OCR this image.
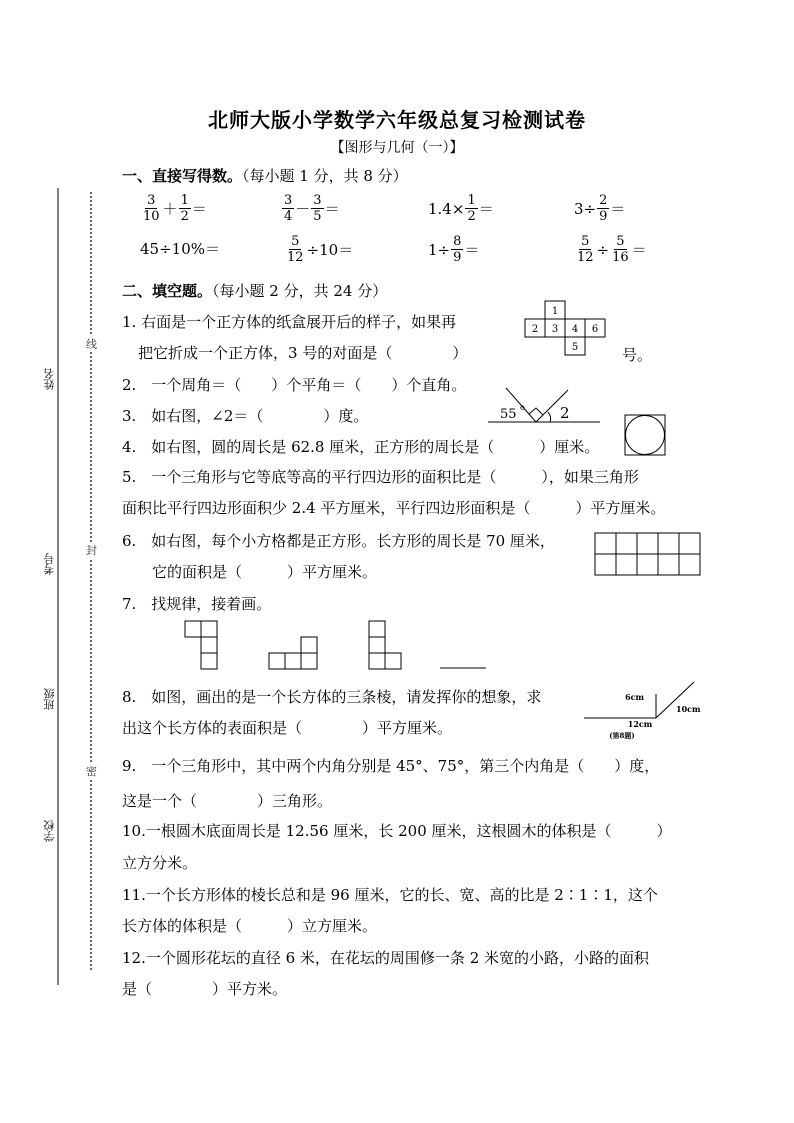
姓名
考号
班级
学校
线
封
密
北师大版小学数学六年级总复习检测试卷
【图形与几何（一）】
一、直接写得数。（每小题 1 分，共 8 分）
$\frac{3}{10} + \frac{1}{2}$ ＝	$\frac{3}{4} - \frac{3}{5}$ ＝	$1.4\times \frac{1}{2}$ ＝	$3\div \frac{2}{9}$ ＝
45÷10%＝	$\frac{5}{12} \div 10=$	$1\div \frac{8}{9}$ ＝	$\frac{5}{12} \div \frac{5}{16}$ ＝
二、填空题。（每小题 2 分，共 24 分）
1. 右面是一个正方体的纸盒展开后的样子，如果再
把它折成一个正方体，3 号的对面是（　　　　）	号。
1
2 3 4 6
5
2.　一个周角＝（　　）个平角＝（　　）个直角。
3.　如右图，∠2＝（　　　　）度。	55 o 2
4.　如右图，圆的周长是 62.8 厘米，正方形的周长是（　　　）厘米。
5.　一个三角形与它等底等高的平行四边形的面积比是（　　　），如果三角形
面积比平行四边形面积少 2.4 平方厘米，平行四边形面积是（　　　）平方厘米。
6.　如右图，每个小方格都是正方形。长方形的周长是 70 厘米，
它的面积是（　　　）平方厘米。
7.　找规律，接着画。
8.　如图，画出的是一个长方体的三条棱，请发挥你的想象，求
出这个长方体的表面积是（　　　　）平方厘米。
6cm
12cm
10cm
(第8题)
9.　一个三角形中，其中两个内角分别是 45°、75°，第三个内角是（　　）度，
这是一个（　　　　）三角形。
10.一根圆木底面周长是 12.56 厘米，长 200 厘米，这根圆木的体积是（　　　）
立方分米。
11.一个长方形体的棱长总和是 96 厘米，它的长、宽、高的比是 2∶1∶1，这个
长方体的体积是（　　　）立方厘米。
12.一个圆形花坛的直径 6 米，在花坛的周围修一条 2 米宽的小路，小路的面积
是（　　　　）平方米。
